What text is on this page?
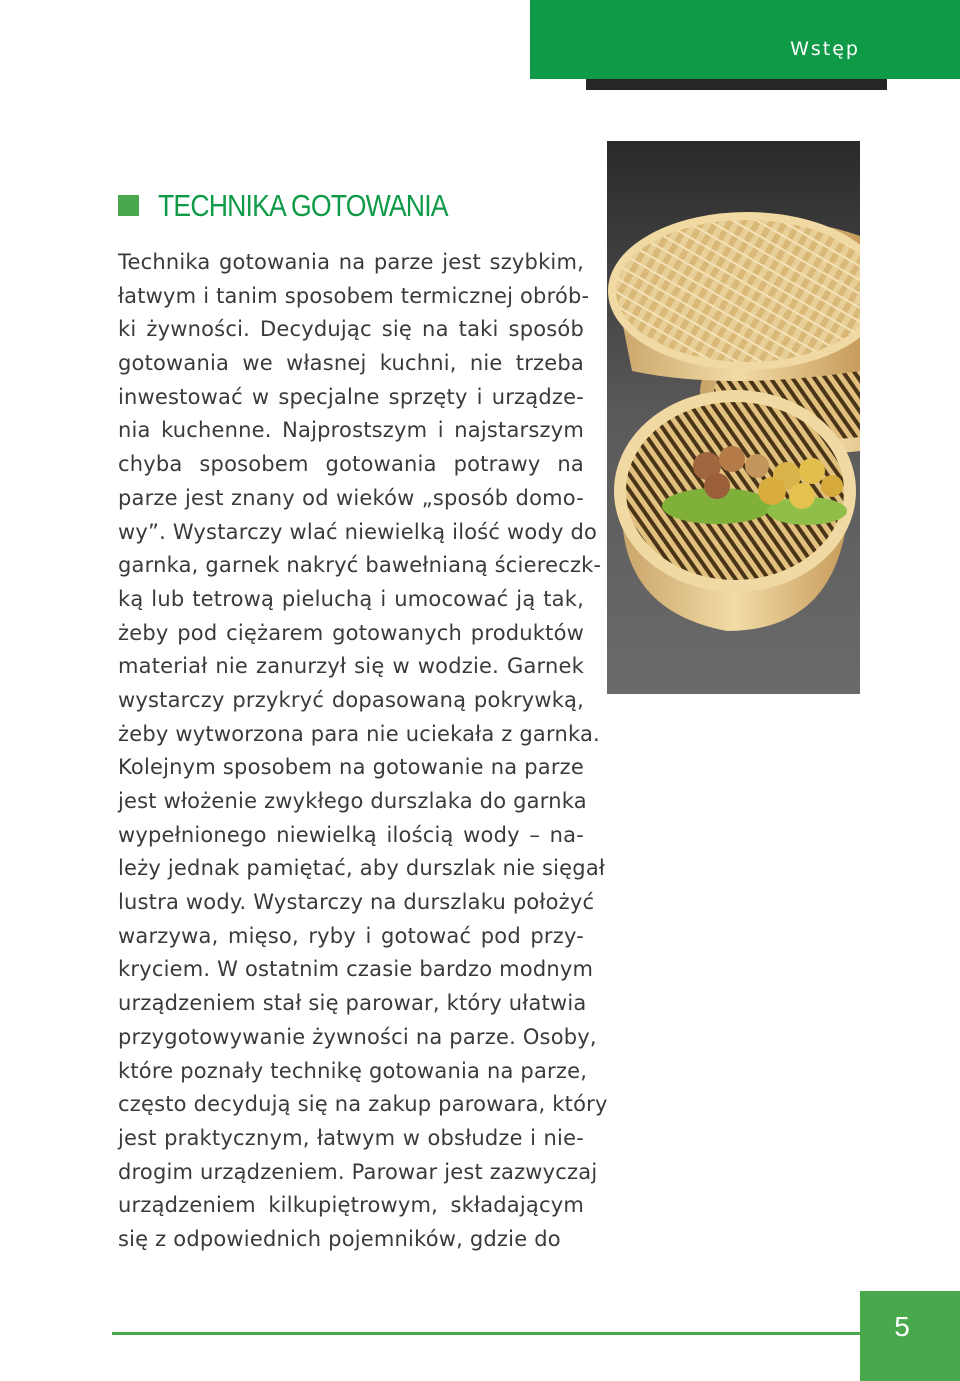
Wstęp
TECHNIKA GOTOWANIA
Technika gotowania na parze jest szybkim,
łatwym i tanim sposobem termicznej obrób-
ki żywności. Decydując się na taki sposób
gotowania we własnej kuchni, nie trzeba
inwestować w specjalne sprzęty i urządze-
nia kuchenne. Najprostszym i najstarszym
chyba sposobem gotowania potrawy na
parze jest znany od wieków „sposób domo-
wy”. Wystarczy wlać niewielką ilość wody do
garnka, garnek nakryć bawełnianą ściereczk-
ką lub tetrową pieluchą i umocować ją tak,
żeby pod ciężarem gotowanych produktów
materiał nie zanurzył się w wodzie. Garnek
wystarczy przykryć dopasowaną pokrywką,
żeby wytworzona para nie uciekała z garnka.
Kolejnym sposobem na gotowanie na parze
jest włożenie zwykłego durszlaka do garnka
wypełnionego niewielką ilością wody – na-
leży jednak pamiętać, aby durszlak nie sięgał
lustra wody. Wystarczy na durszlaku położyć
warzywa, mięso, ryby i gotować pod przy-
kryciem. W ostatnim czasie bardzo modnym
urządzeniem stał się parowar, który ułatwia
przygotowywanie żywności na parze. Osoby,
które poznały technikę gotowania na parze,
często decydują się na zakup parowara, który
jest praktycznym, łatwym w obsłudze i nie-
drogim urządzeniem. Parowar jest zazwyczaj
urządzeniem kilkupiętrowym, składającym
się z odpowiednich pojemników, gdzie do
5
